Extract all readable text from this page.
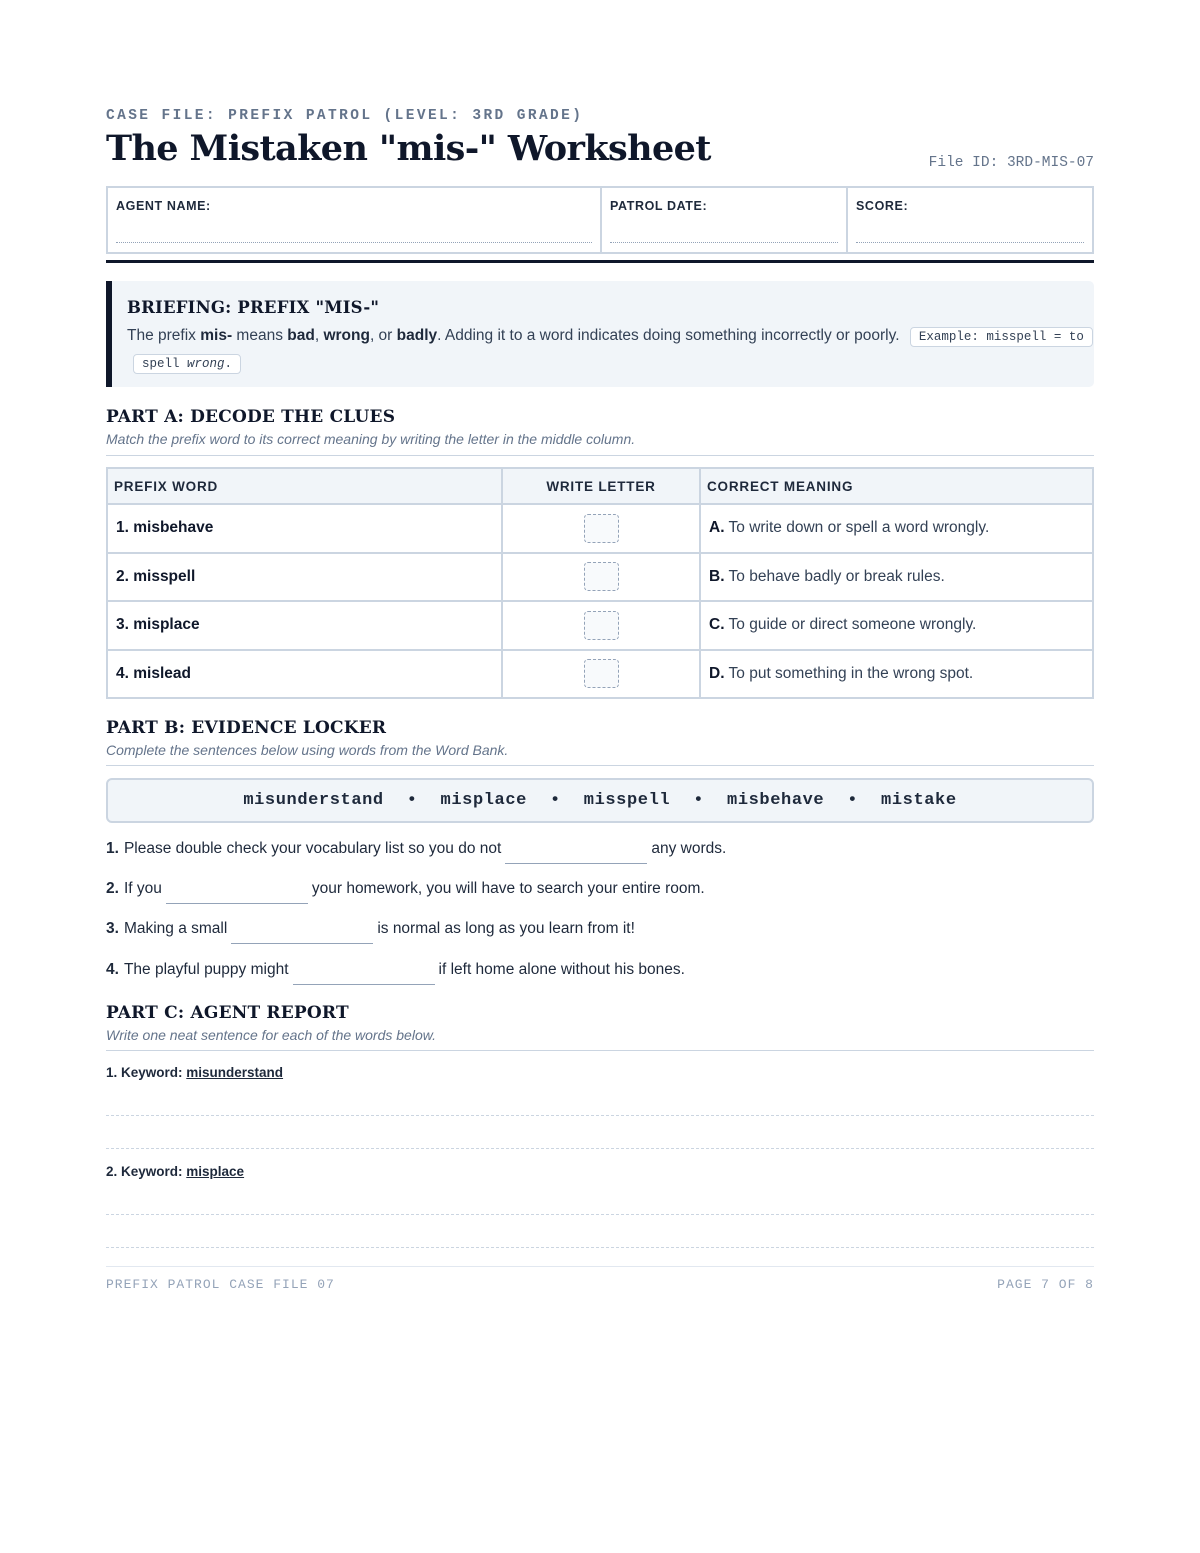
CASE FILE: PREFIX PATROL (LEVEL: 3RD GRADE)
The Mistaken "mis-" Worksheet	File ID: 3RD-MIS-07
AGENT NAME:	PATROL DATE:	SCORE:
BRIEFING: PREFIX "MIS-"

The prefix mis- means bad, wrong, or badly. Adding it to a word indicates doing something incorrectly or poorly. Example: misspell = to spell wrong.

PART A: DECODE THE CLUES
Match the prefix word to its correct meaning by writing the letter in the middle column.
PREFIX WORD	WRITE LETTER	CORRECT MEANING
1. misbehave		A. To write down or spell a word wrongly.
2. misspell		B. To behave badly or break rules.
3. misplace		C. To guide or direct someone wrongly.
4. mislead		D. To put something in the wrong spot.
PART B: EVIDENCE LOCKER
Complete the sentences below using words from the Word Bank.
misunderstand	•	misplace	•	misspell	•	misbehave	•	mistake
1. Please double check your vocabulary list so you do not	any words.
2. If you	your homework, you will have to search your entire room.
3. Making a small	is normal as long as you learn from it!
4. The playful puppy might	if left home alone without his bones.
PART C: AGENT REPORT
Write one neat sentence for each of the words below.
1. Keyword: misunderstand
2. Keyword: misplace
PREFIX PATROL CASE FILE 07	PAGE 7 OF 8
